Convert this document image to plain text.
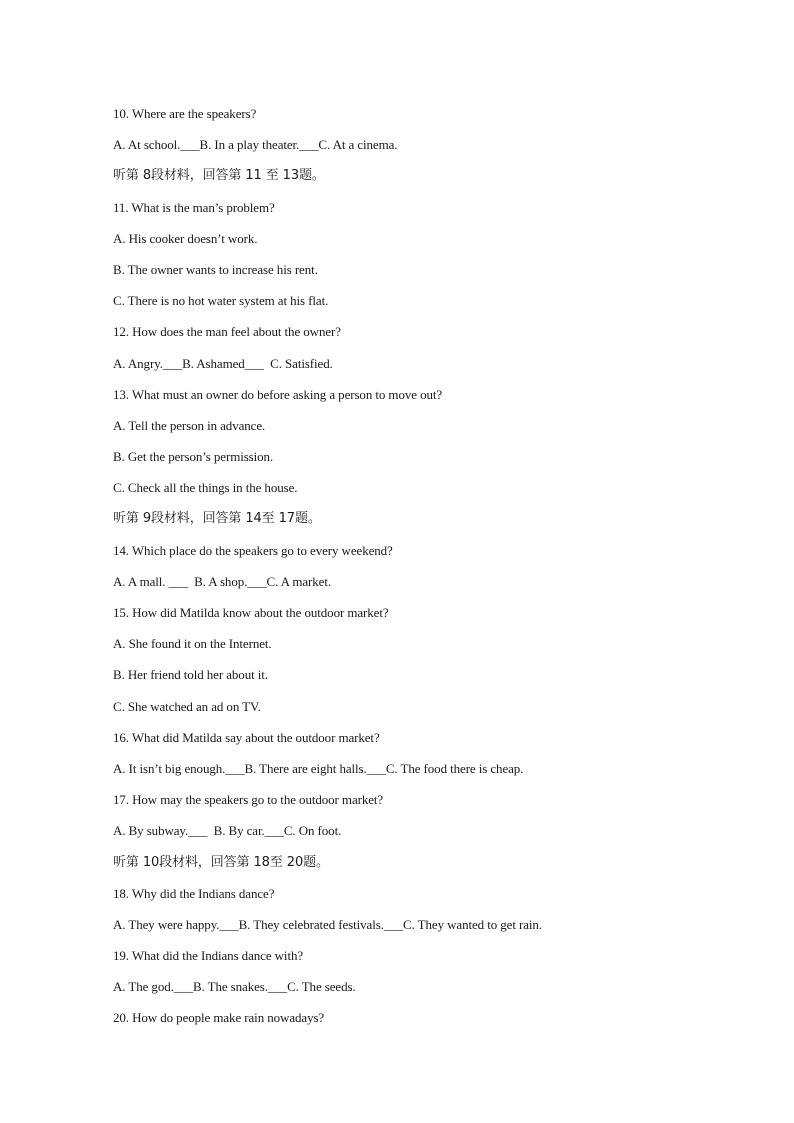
10. Where are the speakers?
A. At school.___B. In a play theater.___C. At a cinema.
听第 8段材料，回答第 11 至 13题。
11. What is the man’s problem?
A. His cooker doesn’t work.
B. The owner wants to increase his rent.
C. There is no hot water system at his flat.
12. How does the man feel about the owner?
A. Angry.___B. Ashamed___  C. Satisfied.
13. What must an owner do before asking a person to move out?
A. Tell the person in advance.
B. Get the person’s permission.
C. Check all the things in the house.
听第 9段材料，回答第 14至 17题。
14. Which place do the speakers go to every weekend?
A. A mall. ___  B. A shop.___C. A market.
15. How did Matilda know about the outdoor market?
A. She found it on the Internet.
B. Her friend told her about it.
C. She watched an ad on TV.
16. What did Matilda say about the outdoor market?
A. It isn’t big enough.___B. There are eight halls.___C. The food there is cheap.
17. How may the speakers go to the outdoor market?
A. By subway.___  B. By car.___C. On foot.
听第 10段材料，回答第 18至 20题。
18. Why did the Indians dance?
A. They were happy.___B. They celebrated festivals.___C. They wanted to get rain.
19. What did the Indians dance with?
A. The god.___B. The snakes.___C. The seeds.
20. How do people make rain nowadays?
